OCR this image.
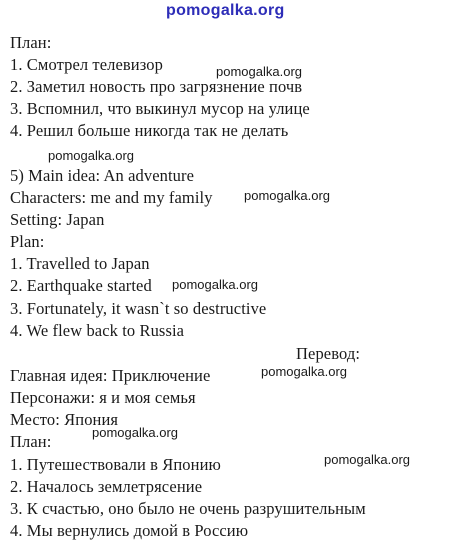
pomogalka.org
План:
1. Смотрел телевизор
2. Заметил новость про загрязнение почв
3. Вспомнил, что выкинул мусор на улице
4. Решил больше никогда так не делать
5) Main idea: An adventure
Characters: me and my family
Setting: Japan
Plan:
1. Travelled to Japan
2. Earthquake started
3. Fortunately, it wasn`t so destructive
4. We flew back to Russia
Перевод:
Главная идея: Приключение
Персонажи: я и моя семья
Место: Япония
План:
1. Путешествовали в Японию
2. Началось землетрясение
3. К счастью, оно было не очень разрушительным
4. Мы вернулись домой в Россию
pomogalka.org
pomogalka.org
pomogalka.org
pomogalka.org
pomogalka.org
pomogalka.org
pomogalka.org
